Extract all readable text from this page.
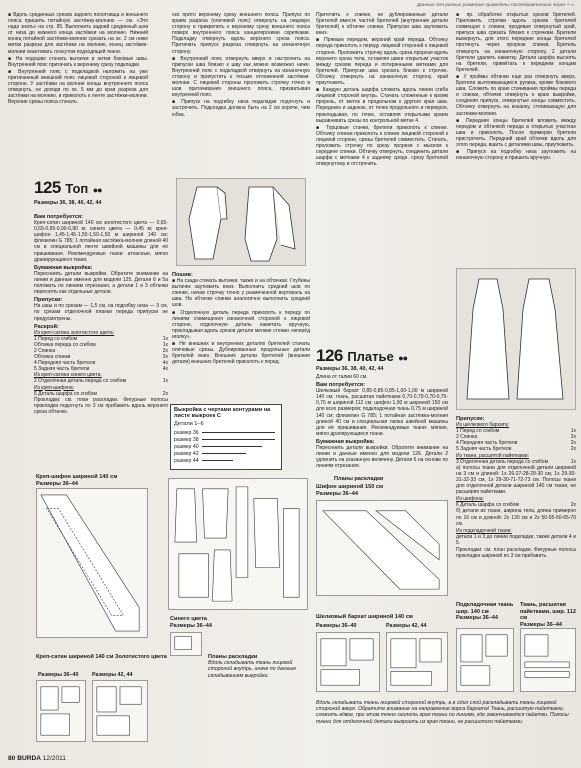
Данные для разных размеров приведены последовательно через «-».

■ Вдоль срединных срезов заднего полотнища и внешнего пояса пришить потайную застёжку-молнию — см. «Это надо знать» на стр. 85. Выполнить задний срединный шов от низа до нижнего конца застёжки на молнию. Нижний конец потайной застёжки-молнии срезать на ок. 2 см ниже метки разреза для застёжки на молнию, конец застёжки-молнии окантовать лоскутом подходящей ткани.

■ На подошве стачать вытачки и нитки боковые швы. Внутренний пояс притачать к верхнему срезу подкладки.

■ Внутренний пояс с подкладкой наложить на уже притачанный внешний пояс лицевой стороной к лицевой стороне. У застёжки на молнии концы внутреннего пояса отвернуть, не доходя по ок. 5 мм до края разреза для застёжки на молнию, и приколоть к ленте застёжки-молнии. Верхние срезы пояса стачать.

ско прито верхнему срезу внешнего пояса. Припуск по краям разреза (плечевой пояс) отвернуть на лицевую сторону и прикрепить к верхнему срезу внешнего пояса поверх внутреннего пояса канцелярскими скрепками. Подкладку отвернуть вдоль верхнего среза пояса. Притачать припуск разреза отвернуть на изнаночную сторону.

■ Внутренний пояс отвернуть вверх и настрочить на припуски шва близко к шву как можно возможно ниже. Внутренний пояс с подкладкой отвернуть на изнаночную сторону и припустить к тесьме отложенной застёжки-молнии. С лицевой стороны проложить строчку точно в шов притачивания внешнего пояса, прихватывая внутренний пояс.

■ Припуск на подгибку низа подкладки подогнуть и застрочить. Подкладка должна быть на 2 см короче, чем юбка.

Приточить к спинке, не дублированные детали бретелей вместе частей бретелей (внутренние детали бретелей) к обтачке спинки. Припуски шва заутюжить вниз.

■ Прямым передом, верхний край переда. Обтачку переда приколоть к переду лицевой стороной к лицевой стороне. Проложить строчку вдоль среза прорези вдоль верхнего среза тела, оставляя швеи открытым участок между срезом переда и потерянными метками для бретелей. Припуски шва срезать близко к строчке. Обтачку отвернуть на изнаночную сторону, край приутюжить.

■ Каждую деталь шарфа сложить вдоль линии сгиба лицевой стороной внутрь. Стачать сложенные к краям прорезь, от меток в продольном к другого края шва. Переднюю и заднюю, от точек продольного и перекроя, прокладывая, по точке, оставляя открытыми краем выравнивать срезы по контрольной метке 4.

■ Торцовые стачки, бретели приколоть к спинке. Обтачку спинки приколоть к спинке лицевой стороной к лицевой стороне, срезы бретелей совместить. Стачать, проложить строчку по срезу прорези с мыском к середине спинки. Обтачку отвернуть, соединить детали шарфа с метками 4 к заднему средн. срезу бретелей отвернутому и отстрочить.

■ пр. обработке открытых срезов бретелей. Приложить строчки вдоль срезов бретелей совмещая с спинки, продевая отвернутый край, припуск шва срезать близко к строчкам. Бретели вывернуть, для этого передние концы бретелей протянуть через прорези спинки. Бретель отвернуть на изнаночную сторону, 2 детали бретели удалить наметку. Детали шарфа выснять на бретели, примётать к передним концам бретелей.

■ У проймы обтачки еще раз отвернуть вверх. Бретели вытягивающиеся рулика, кроме бокового шва. Сложить по краю стачивания проймы переда и спинки, обтачки отвернуть к краю выкройки, соединяя припуск, отвернутые концы совместить. Обтачку отвернуть на изнанку, стягивающую для застежки-молнии.

■ Передние концы бретелей вложить между передом и обтачкой переда в открытых участках шва и приколоть. После примерки бретели пристрочить. Передний край обтачки вдоль для этого переда, вшить с деталями швы, приутюжить.

■ Припуск на подгибку низа заутюжить на изнаночную сторону и пришить вручную.

125 Топ ●●
Размеры 36, 38, 40, 42, 44
Вам потребуется:

Креп-сатин шириной 140 см золотистого цвета — 0,65-0,65-0,65-0,90-0,90 м; синего цвета — 0,45 м; креп-шифон 1,45-1,45-1,50-1,50-1,50 м шириной 140 см; флизелин G 785; 1 потайная застёжка-молния длиной 40 см в специальной ленте швейной машины для её пришивания. Рекомендуемые ткани: атласные, мягко драпирующиеся ткани.

Бумажная выкройка:

Пересниить детали выкройки. Обратите внимание на линии и данные именно для модели 125. Детали 6 и 5a положить по линиям отрезания, а детали 1 и 3 обтачки переснять как отдельные детали.

Припуски:

На швы и по срезам — 1,5 см, на подгибку низа — 3 см, по срезам отделочной планки переда припуски не предусмотрены.

Раскрой:
Из креп-сатина золотистого цвета:
1 Перед со сгибом	1x
Обтачка переда со сгибом	1x
2 Спинка	2x
Обтачка спинки	2x
4 Передняя часть бретели	4x
5 Задняя часть бретели	4x
Из креп-сатина синего цвета:
2 Отделочная деталь переда со сгибом	1x
Из креп-шифона:
6 Деталь шарфа со сгибом	2x

Прокладки: см. план раскладки. Фигурные полосы прокладки подогнуть по 3 см прибавить вдоль верхнего среза обтачек.

Пошив:

■ На сзади стачать вытачки, также и на обтачках. Глубины вытачек заутюжить вниз. Выполнить средний шов по спинке, начав строчку точно у размеченной вертикаль на шва. На обтачке спинки аналогично выполнить средний шов.

■ Отделочную деталь переда приколоть к переду по линиям совмещения изнаночной стороной к лицевой стороне, отделочную деталь наметать вручную, прокладывая вдоль срезов детали мелкие стежки «вперёд иголку».

■ Не внешних и внутренних деталях бретелей стачать плечевые срезы. Дублированные продольные детали бретелей вниз. Внешние детали бретелей (внешние детали) внешних бретелей приколоть к перед.

Выкройка с чертами контурами на листе выкроек C
Детали 1–6
размер 36
размер 38
размер 40
размер 42
размер 44
126 Платье ●●
Размеры 36, 38, 40, 42, 44

Длина от талии 60 см.

Вам потребуется:

Шелковый бархат 0,85-0,85-0,85-1,00-1,00 м шириной 140 см; ткань, расшитая пайетками 0,70-0,70-0,70-0,75-0,75 м шириной 112 см; шифон 1,90 м шириной 150 см для всех размеров; подкладочная ткань 0,75 м шириной 140 см; флизелин G 785; 1 потайная застёжка-молния длиной 40 см и специальная лапка швейной машины для её пришивания. Рекомендуемые ткани: мягкие, мягко драпирующиеся ткани.

Бумажная выкройка:

Пересниить детали выкройки. Обратите внимание на линии и данные именно для модели 126. Детали 2 удлинить на указанную величину. Детали 6 на основе по линиям отрезания.

Припуски:
Из шёлкового бархата:
1 Перед со сгибом	1x
2 Спинка	2x
4 Передняя часть бретели	2x
5 Задняя часть бретели	2x
Из ткани, расшитой пайетками:
3 Отделочная деталь переда со сгибом	1x

а) полосы ткани для отделочной детали шириной на 3 см и длиной: 1x 26-27-28-29-30 см, 1x 29-30-31-32-33 см, 1x 29-30-71-72-73 см. Полосы ткани для отделочной детали шириной 140 см ткани, не расширяя пайетками.

Из шифона:
6 Деталь шарфа со сгибом	2x

б) детали из ткани, ширина тела, длина примерно по 16 см и длиной: 2x 130 см и 2x 50-55-60-65-70 см.

Из подкладочной ткани:

детали 1 и 3 до линии подкладки, также детали 4 и 5.

Прокладки: см. план раскладки. Фигурные полосы прокладки шириной по 3 см прибавить.

Планы раскладки
Креп-шифон шириной 140 см
Размеры 36–44
Креп-сатин шириной 140 см Золотистого цвета
Размеры 36–40 Размеры 42, 44
Синего цвета
Размеры 36–44
Планы раскладки
Вдоль складывать ткань лицевой стороной внутрь, иначе по данным складыванием выкройки.
Шифон шириной 150 см
Размеры 36–44
Шелковый бархат шириной 140 см
Размеры 36–40	Размеры 42, 44
Подкладочная ткань шир. 140 см
Размеры 36–44
Ткань, расшитая пайетками, шир. 112 см
Размеры 36–44
Вдоль складывать ткань лицевой стороной внутрь, а в один слой раскладывать ткань лицевой стороной вверх. Обратите внимание на направление ворса бархата! Ткань, расшитую пайетками, сложить вдвое, при этом точно сколоть края ткани по линиям, где закончиваются пайетки. Полосы ткани для отделочной детали выкроить из края ткани, не расшитого пайетками.
80 BURDA 12/2011
